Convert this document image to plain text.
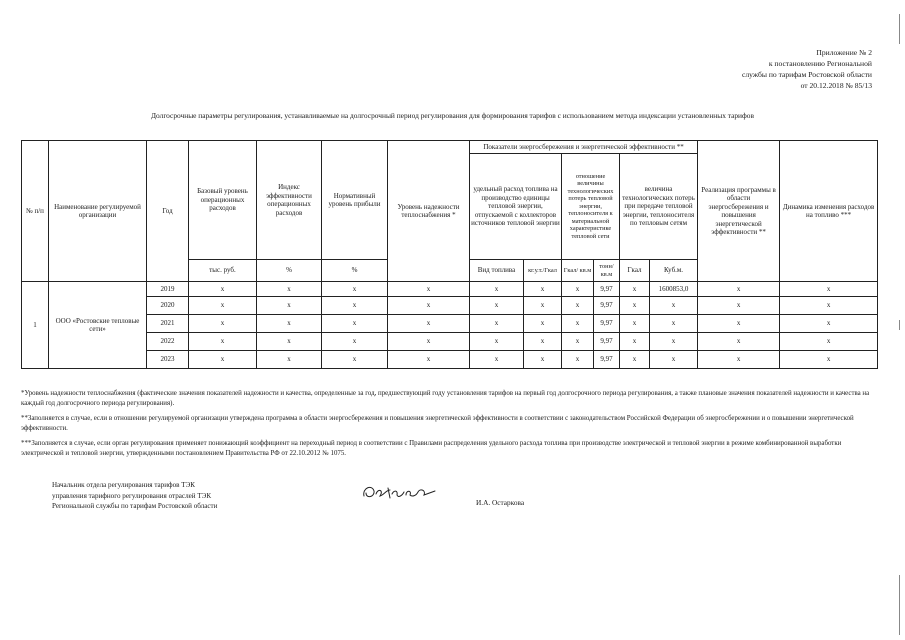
Приложение № 2
к постановлению Региональной
службы по тарифам Ростовской области
от 20.12.2018 № 85/13
Долгосрочные параметры регулирования, устанавливаемые на долгосрочный период регулирования для формирования тарифов с использованием метода индексации установленных тарифов
№ п/п	Наименование регулируемой организации	Год	Базовый уровень операционных расходов	Индекс эффективности операционных расходов	Нормативный уровень прибыли	Уровень надежности теплоснабжения *	Показатели энергосбережения и энергетической эффективности **						Реализация программы в области энергосбережения и повышения энергетической эффективности **	Динамика изменения расходов на топливо ***
							удельный расход топлива на производство единицы тепловой энергии, отпускаемой с коллекторов источников тепловой энергии		отношение величины технологических потерь тепловой энергии, теплоносителя к материальной характеристике тепловой сети		величина технологических потерь при передаче тепловой энергии, теплоносителя по тепловым сетям			
			тыс. руб.	%	%		Вид топлива	кг.у.т./Гкал	Гкал/ кв.м	тонн/кв.м	Гкал	Куб.м.		
1	ООО «Ростовские тепловые сети»	2019	х	х	х	х	х	х	х	9,97	х	1600853,0	х	х
		2020	х	х	х	х	х	х	х	9,97	х	х	х	х
		2021	х	х	х	х	х	х	х	9,97	х	х	х	х
		2022	х	х	х	х	х	х	х	9,97	х	х	х	х
		2023	х	х	х	х	х	х	х	9,97	х	х	х	х

*Уровень надежности теплоснабжения (фактические значения показателей надежности и качества, определенные за год, предшествующий году установления тарифов на первый год долгосрочного периода регулирования, а также плановые значения показателей надежности и качества на каждый год долгосрочного периода регулирования).

**Заполняется в случае, если в отношении регулируемой организации утверждена программа в области энергосбережения и повышения энергетической эффективности в соответствии с законодательством Российской Федерации об энергосбережении и о повышении энергетической эффективности.

***Заполняется в случае, если орган регулирования применяет понижающий коэффициент на переходный период в соответствии с Правилами распределения удельного расхода топлива при производстве электрической и тепловой энергии в режиме комбинированной выработки электрической и тепловой энергии, утвержденными постановлением Правительства РФ от 22.10.2012 № 1075.

Начальник отдела регулирования тарифов ТЭК
управления тарифного регулирования отраслей ТЭК
Региональной службы по тарифам Ростовской области	И.А. Остаркова
